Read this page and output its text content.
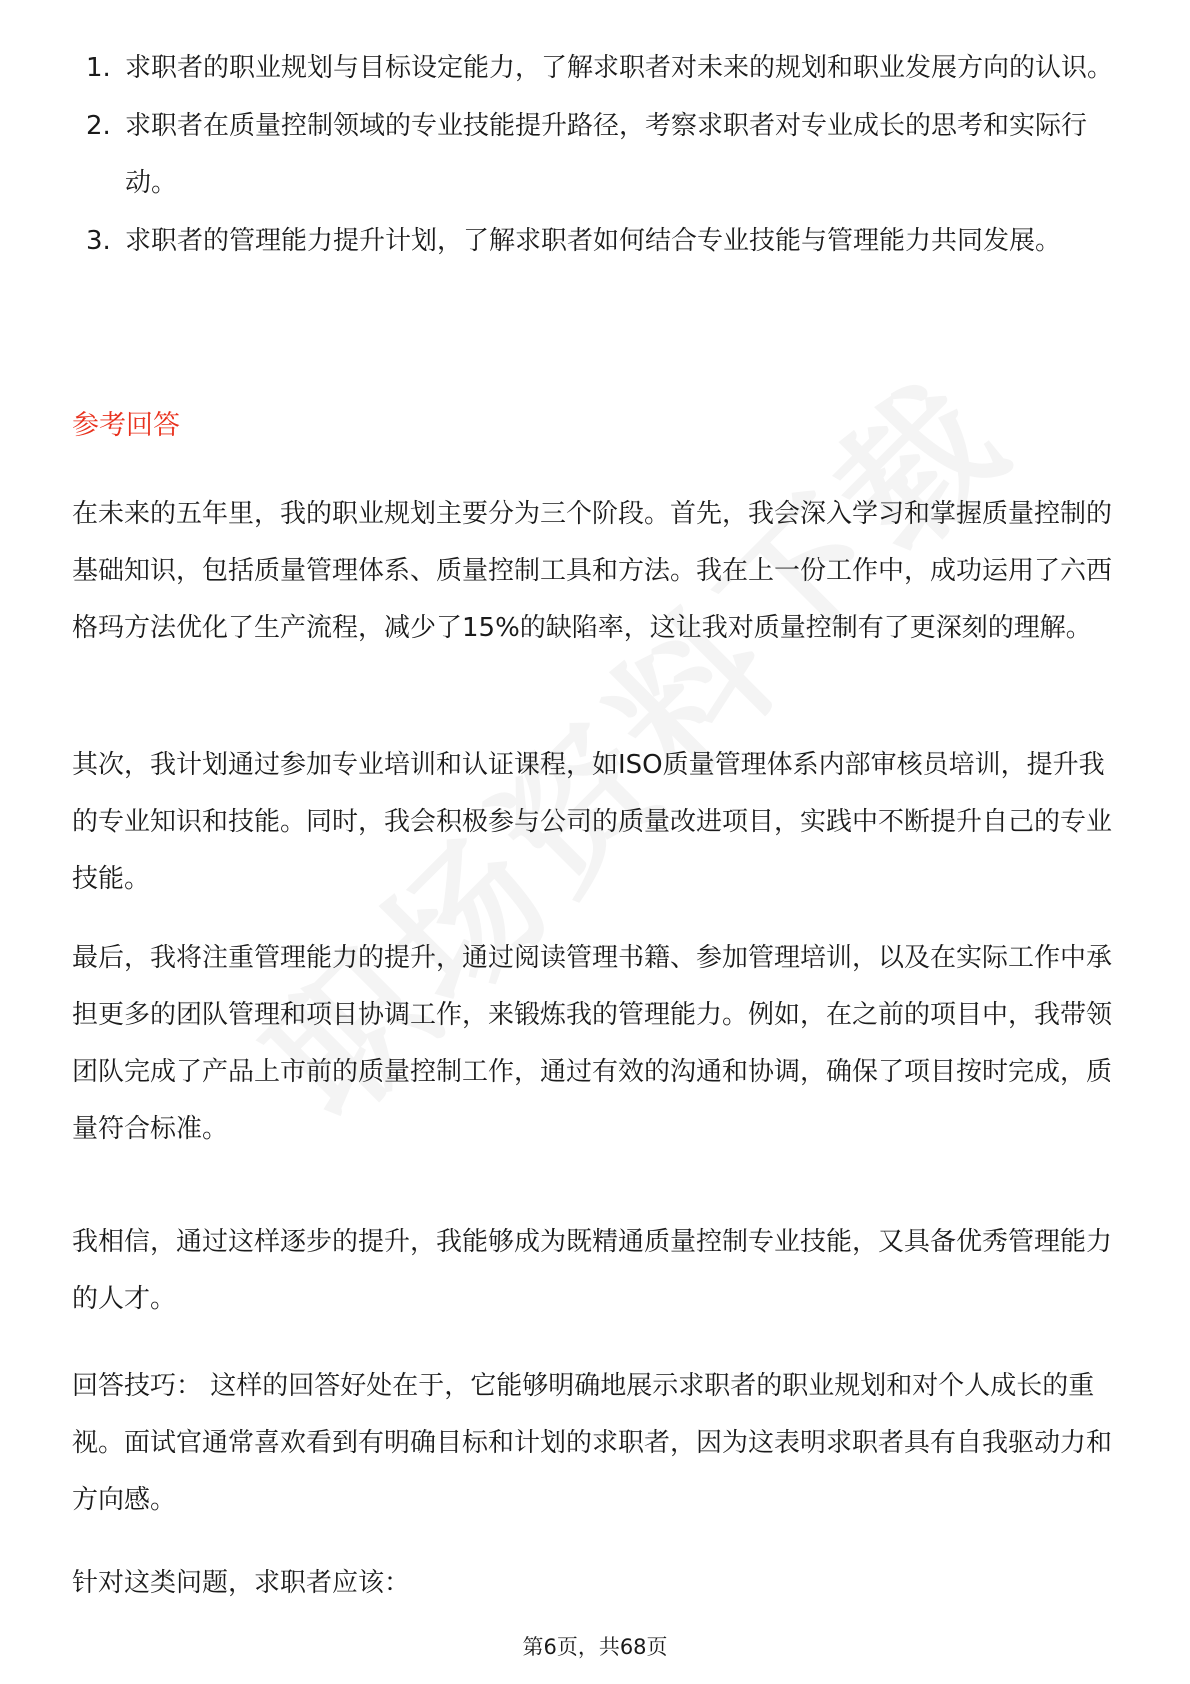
1. 求职者的职业规划与目标设定能力，了解求职者对未来的规划和职业发展方向的认识。
2. 求职者在质量控制领域的专业技能提升路径，考察求职者对专业成长的思考和实际行动。
3. 求职者的管理能力提升计划，了解求职者如何结合专业技能与管理能力共同发展。
参考回答

在未来的五年里，我的职业规划主要分为三个阶段。首先，我会深入学习和掌握质量控制的基础知识，包括质量管理体系、质量控制工具和方法。我在上一份工作中，成功运用了六西格玛方法优化了生产流程，减少了15%的缺陷率，这让我对质量控制有了更深刻的理解。

其次，我计划通过参加专业培训和认证课程，如ISO质量管理体系内部审核员培训，提升我的专业知识和技能。同时，我会积极参与公司的质量改进项目，实践中不断提升自己的专业技能。

最后，我将注重管理能力的提升，通过阅读管理书籍、参加管理培训，以及在实际工作中承担更多的团队管理和项目协调工作，来锻炼我的管理能力。例如，在之前的项目中，我带领团队完成了产品上市前的质量控制工作，通过有效的沟通和协调，确保了项目按时完成，质量符合标准。

我相信，通过这样逐步的提升，我能够成为既精通质量控制专业技能，又具备优秀管理能力的人才。

回答技巧： 这样的回答好处在于，它能够明确地展示求职者的职业规划和对个人成长的重视。面试官通常喜欢看到有明确目标和计划的求职者，因为这表明求职者具有自我驱动力和方向感。

针对这类问题，求职者应该：

第6页，共68页
